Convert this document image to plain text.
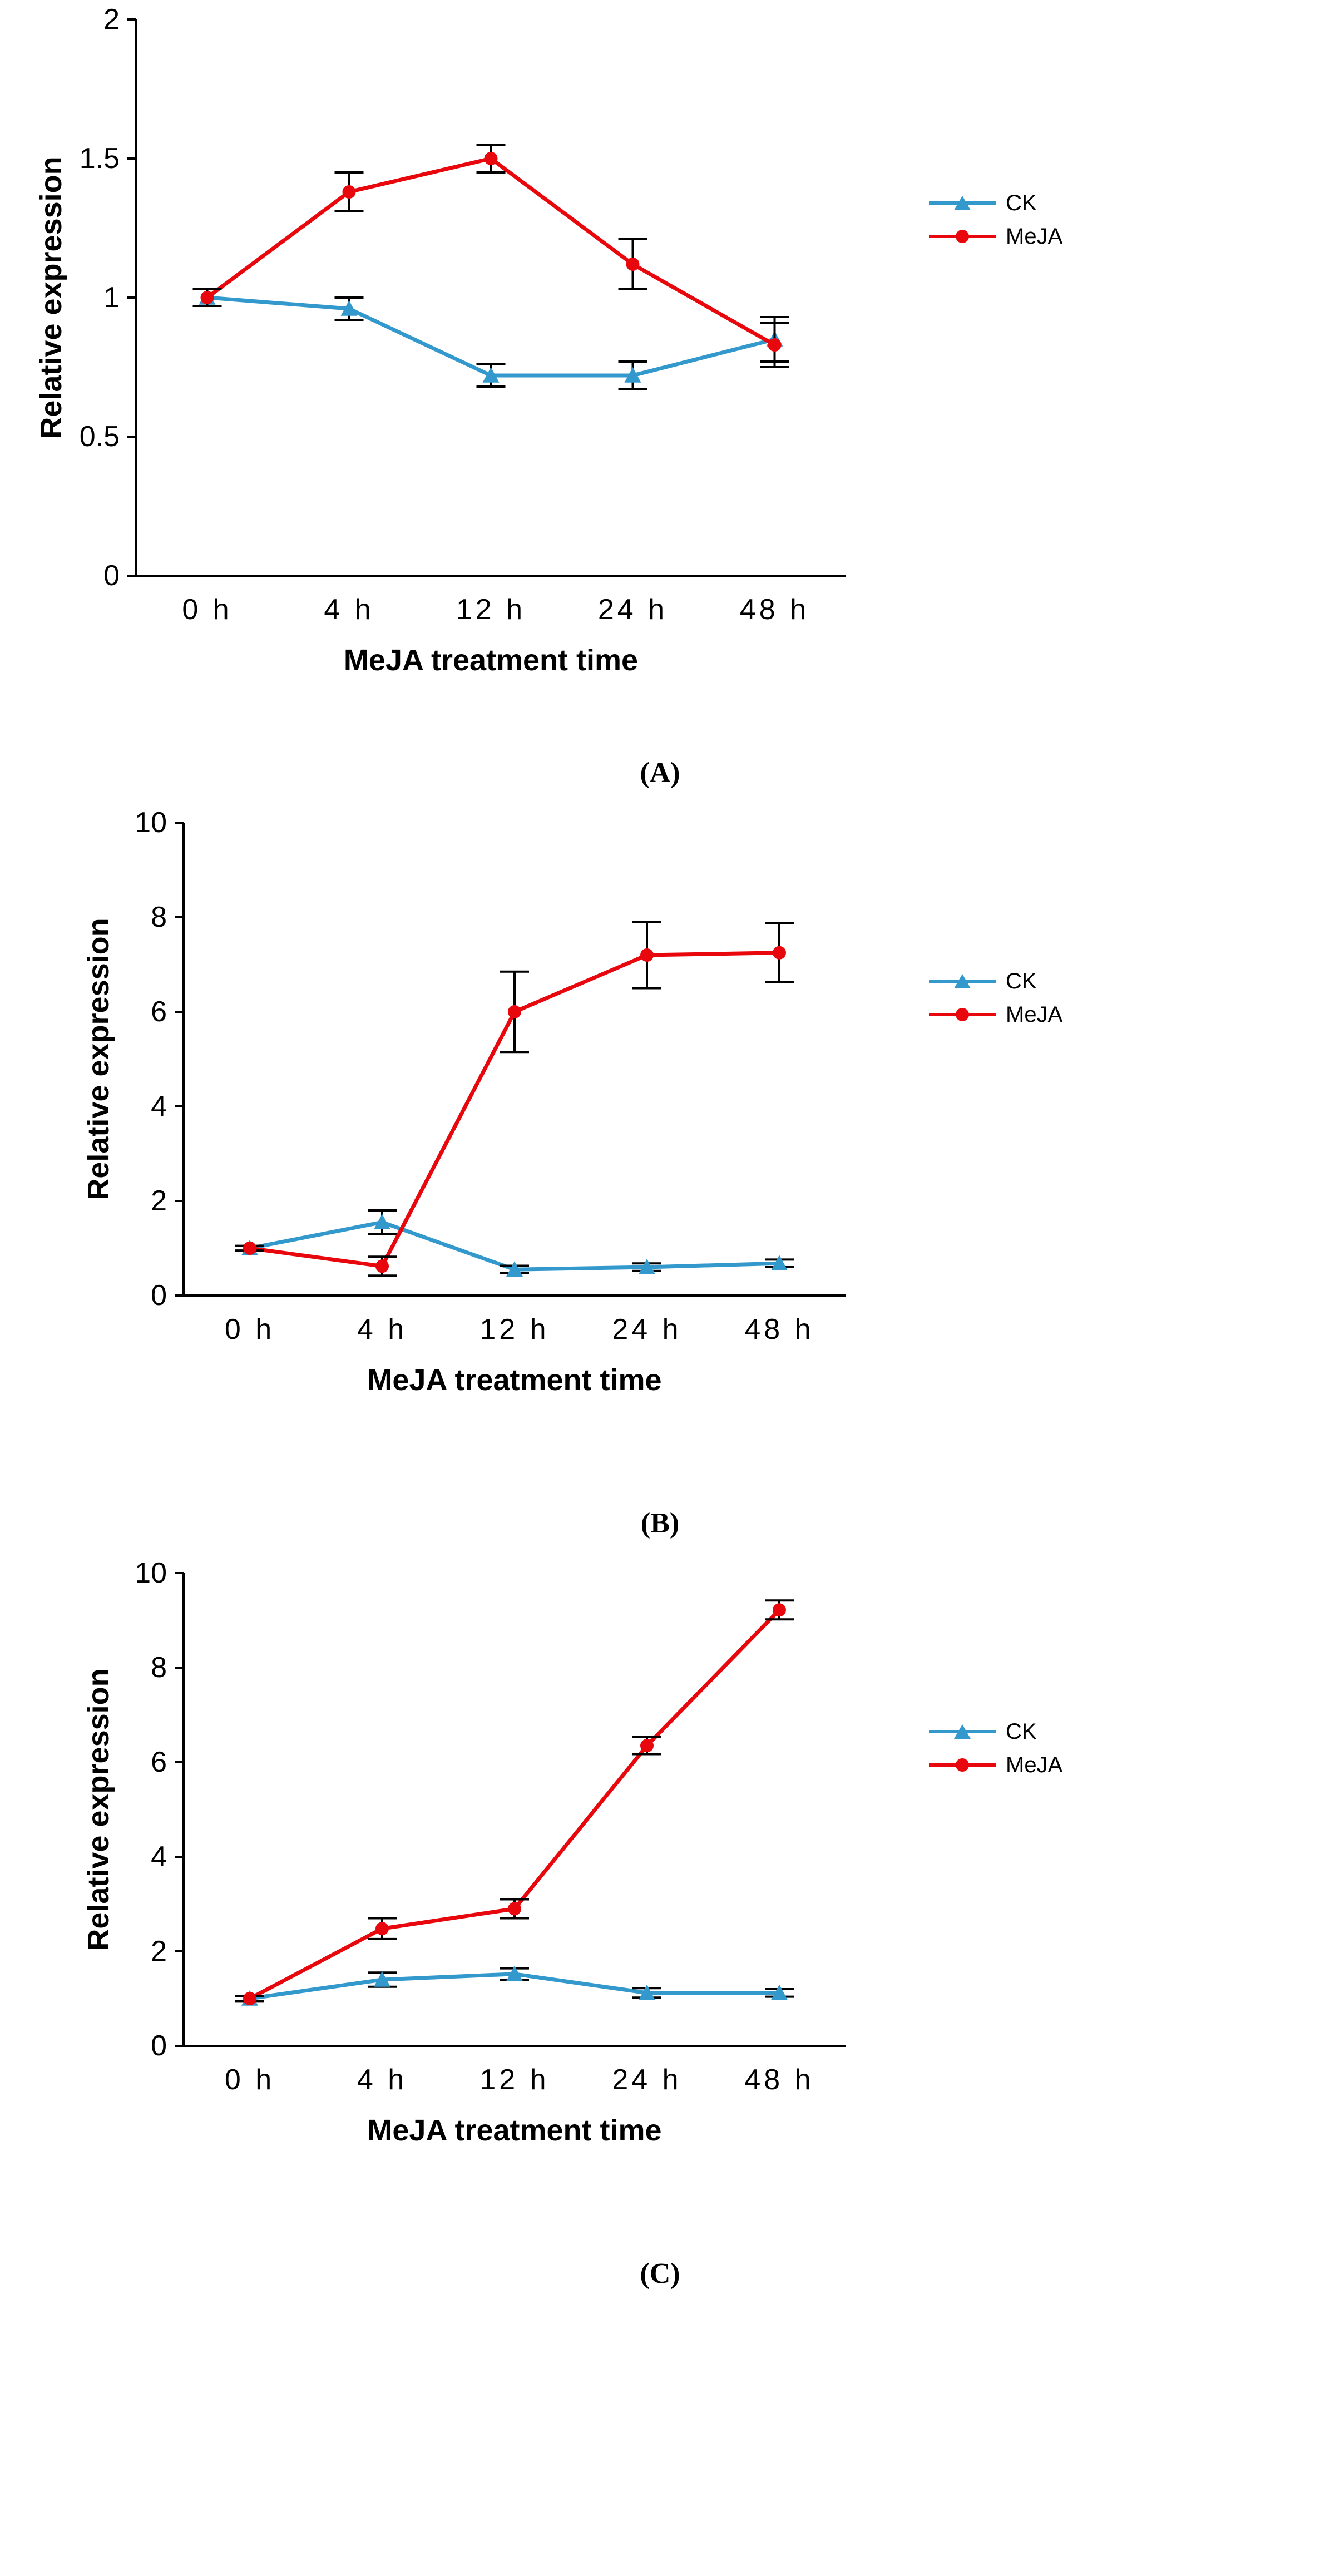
0
0.5
1
1.5
2
0 h	4 h	12 h 24 h 48 h
MeJA treatment time
Relative expression	CK
MeJA
(A)
0
2
4
6
8
10
0 h	4 h	12 h 24 h 48 h
MeJA treatment time
Relative expression	CK
MeJA
(B)
0
2
4
6
8
10
0 h	4 h	12 h 24 h 48 h
MeJA treatment time
Relative expression	CK
MeJA
(C)
